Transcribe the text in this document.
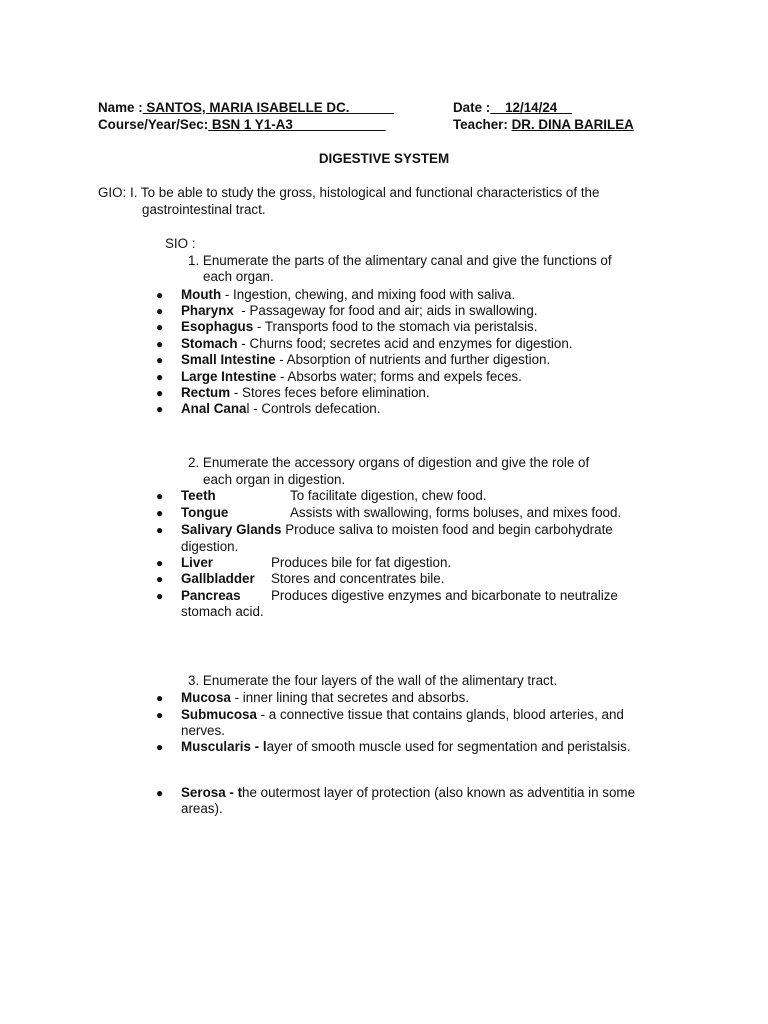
Name : SANTOS, MARIA ISABELLE DC.	Date :    12/14/24
Course/Year/Sec: BSN 1 Y1-A3	Teacher: DR. DINA BARILEA
DIGESTIVE SYSTEM
GIO: I. To be able to study the gross, histological and functional characteristics of the
gastrointestinal tract.
SIO :
1. Enumerate the parts of the alimentary canal and give the functions of
each organ.
● Mouth - Ingestion, chewing, and mixing food with saliva.
● Pharynx  - Passageway for food and air; aids in swallowing.
● Esophagus - Transports food to the stomach via peristalsis.
● Stomach - Churns food; secretes acid and enzymes for digestion.
● Small Intestine - Absorption of nutrients and further digestion.
● Large Intestine - Absorbs water; forms and expels feces.
● Rectum - Stores feces before elimination.
● Anal Canal - Controls defecation.
2. Enumerate the accessory organs of digestion and give the role of
each organ in digestion.
● Teeth	To facilitate digestion, chew food.
● Tongue	Assists with swallowing, forms boluses, and mixes food.
● Salivary Glands Produce saliva to moisten food and begin carbohydrate
digestion.
● Liver	Produces bile for fat digestion.
● Gallbladder Stores and concentrates bile.
● Pancreas Produces digestive enzymes and bicarbonate to neutralize
stomach acid.
3. Enumerate the four layers of the wall of the alimentary tract.
● Mucosa - inner lining that secretes and absorbs.
● Submucosa - a connective tissue that contains glands, blood arteries, and
nerves.
● Muscularis - layer of smooth muscle used for segmentation and peristalsis.
● Serosa - the outermost layer of protection (also known as adventitia in some
areas).
